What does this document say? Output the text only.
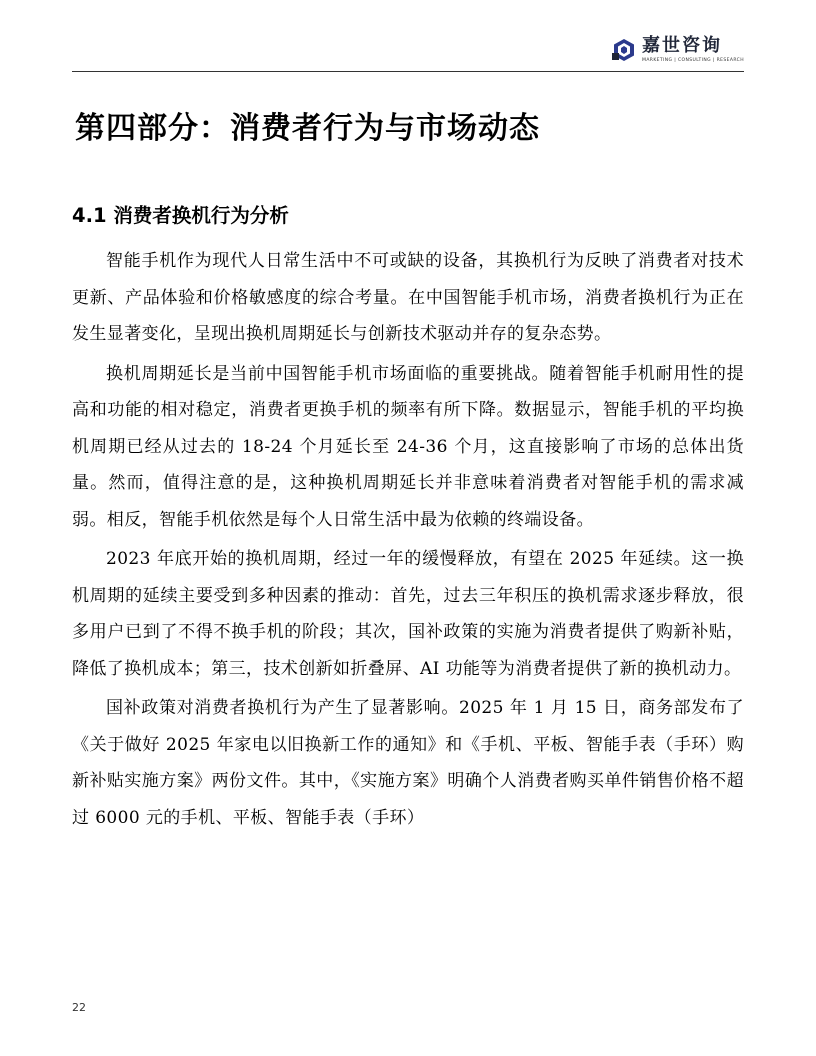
嘉世咨询
MARKETING | CONSULTING | RESEARCH
第四部分：消费者行为与市场动态
4.1 消费者换机行为分析

智能手机作为现代人日常生活中不可或缺的设备，其换机行为反映了消费者对技术更新、产品体验和价格敏感度的综合考量。在中国智能手机市场，消费者换机行为正在发生显著变化，呈现出换机周期延长与创新技术驱动并存的复杂态势。

换机周期延长是当前中国智能手机市场面临的重要挑战。随着智能手机耐用性的提高和功能的相对稳定，消费者更换手机的频率有所下降。数据显示，智能手机的平均换机周期已经从过去的 18-24 个月延长至 24-36 个月，这直接影响了市场的总体出货量。然而，值得注意的是，这种换机周期延长并非意味着消费者对智能手机的需求减弱。相反，智能手机依然是每个人日常生活中最为依赖的终端设备。

2023 年底开始的换机周期，经过一年的缓慢释放，有望在 2025 年延续。这一换机周期的延续主要受到多种因素的推动：首先，过去三年积压的换机需求逐步释放，很多用户已到了不得不换手机的阶段；其次，国补政策的实施为消费者提供了购新补贴，降低了换机成本；第三，技术创新如折叠屏、AI 功能等为消费者提供了新的换机动力。

国补政策对消费者换机行为产生了显著影响。2025 年 1 月 15 日，商务部发布了《关于做好 2025 年家电以旧换新工作的通知》和《手机、平板、智能手表（手环）购新补贴实施方案》两份文件。其中，《实施方案》明确个人消费者购买单件销售价格不超过 6000 元的手机、平板、智能手表（手环）

22
